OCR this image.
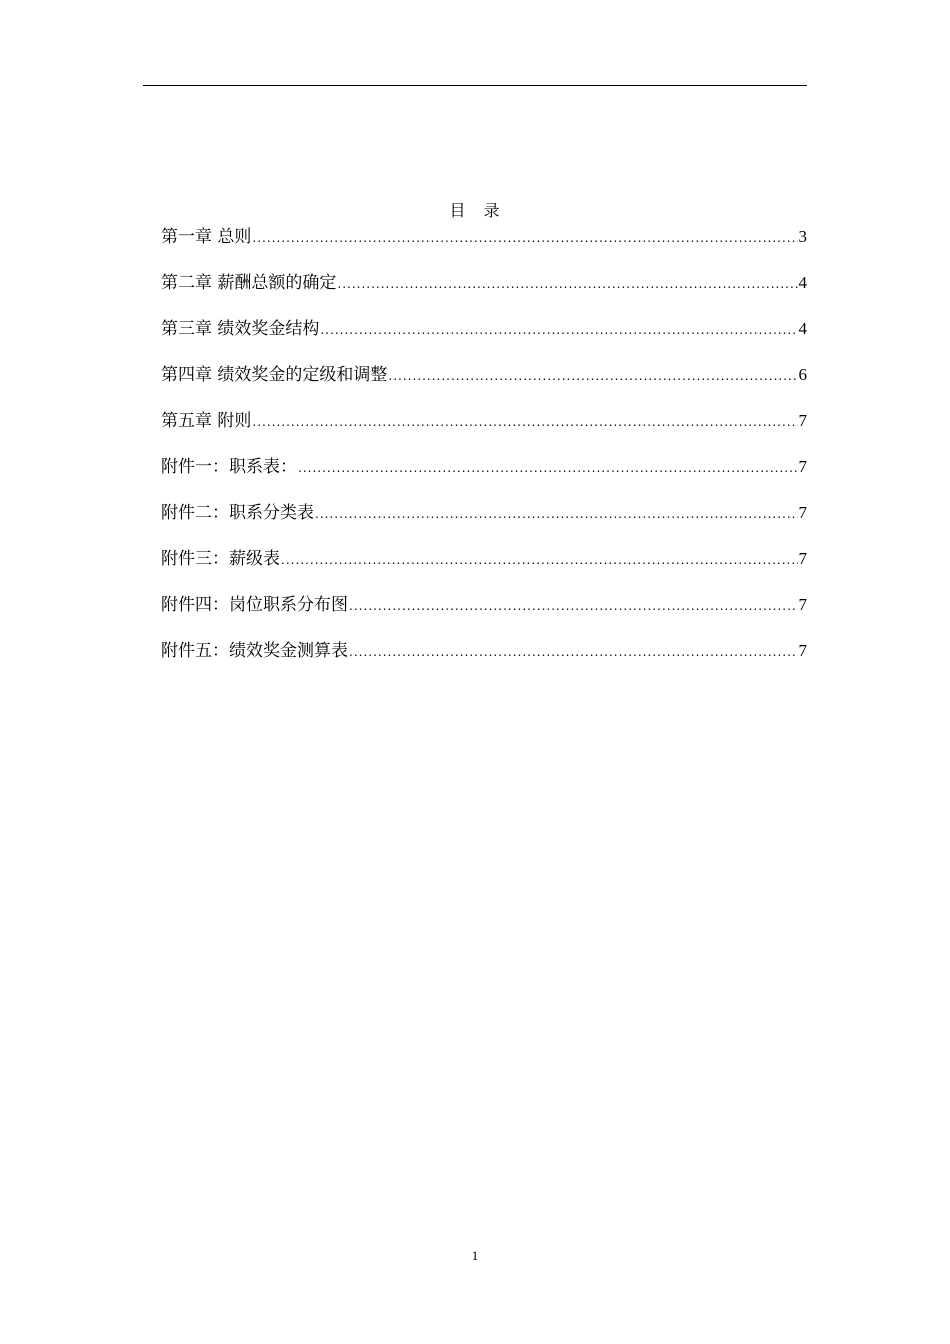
目　录
第一章 总则 .....	3
第二章 薪酬总额的确定 .....	4
第三章 绩效奖金结构 .....	4
第四章 绩效奖金的定级和调整 .....	6
第五章 附则 .....	7
附件一：职系表： .....	7
附件二：职系分类表 .....	7
附件三：薪级表 .....	7
附件四：岗位职系分布图 .....	7
附件五：绩效奖金测算表 .....	7
1
